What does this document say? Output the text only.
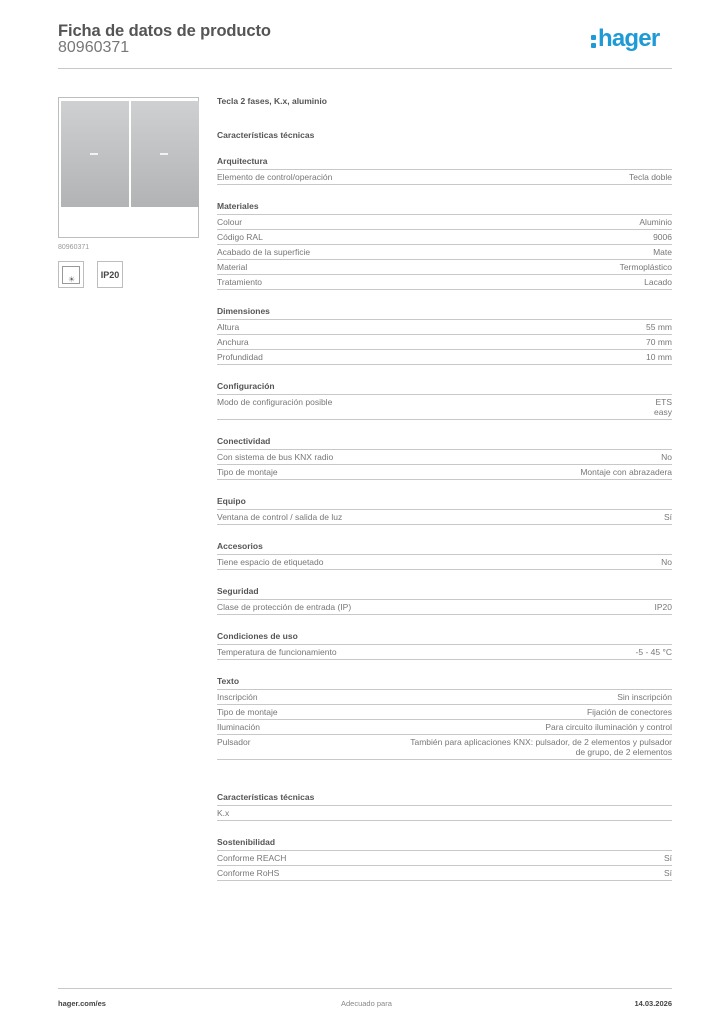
Ficha de datos de producto
80960371	hager
80960371
☀	IP20
Tecla 2 fases, K.x, aluminio
Características técnicas
Arquitectura
Elemento de control/operación	Tecla doble
Materiales
Colour	Aluminio
Código RAL	9006
Acabado de la superficie	Mate
Material	Termoplástico
Tratamiento	Lacado
Dimensiones
Altura	55 mm
Anchura	70 mm
Profundidad	10 mm
Configuración
Modo de configuración posible	ETS
easy
Conectividad
Con sistema de bus KNX radio	No
Tipo de montaje	Montaje con abrazadera
Equipo
Ventana de control / salida de luz	Sí
Accesorios
Tiene espacio de etiquetado	No
Seguridad
Clase de protección de entrada (IP)	IP20
Condiciones de uso
Temperatura de funcionamiento	-5 - 45 °C
Texto
Inscripción	Sin inscripción
Tipo de montaje	Fijación de conectores
Iluminación	Para circuito iluminación y control
Pulsador	También para aplicaciones KNX: pulsador, de 2 elementos y pulsador
de grupo, de 2 elementos
Características técnicas
K.x
Sostenibilidad
Conforme REACH	Sí
Conforme RoHS	Sí
hager.com/es	Adecuado para	14.03.2026
